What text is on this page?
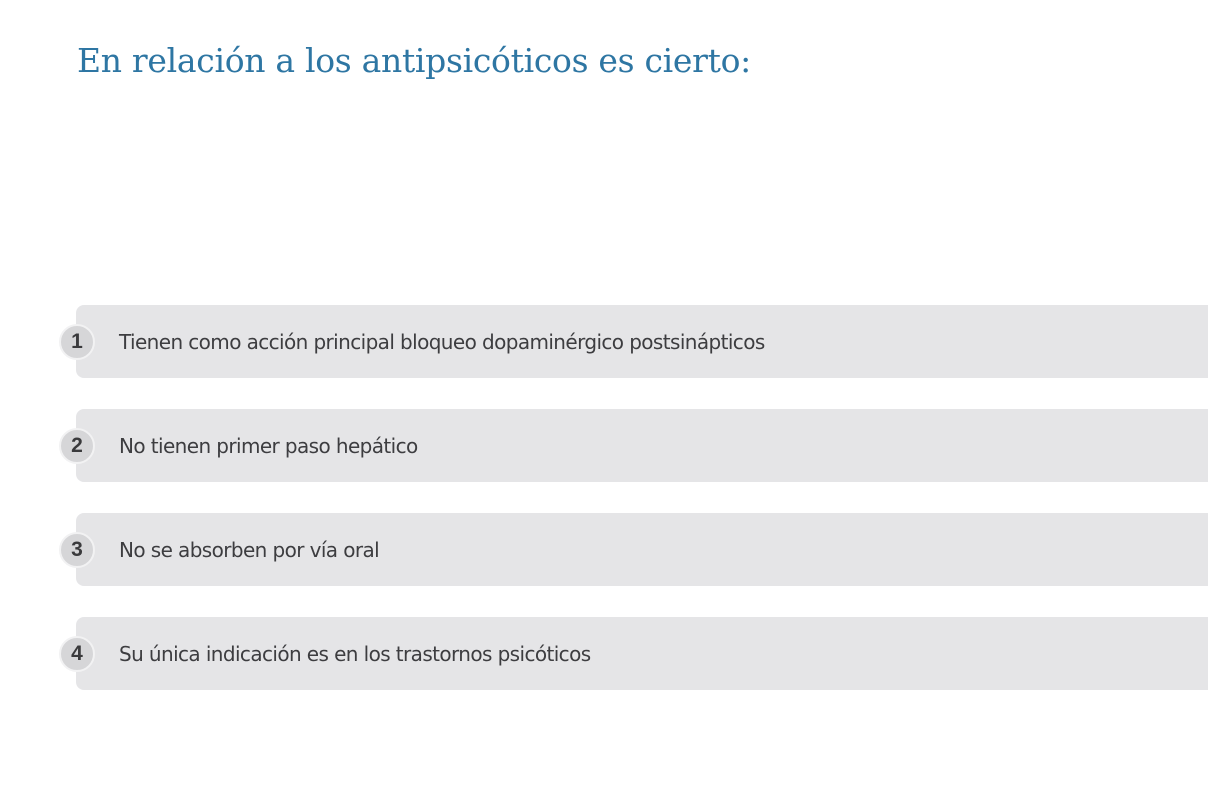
En relación a los antipsicóticos es cierto:
1	Tienen como acción principal bloqueo dopaminérgico postsinápticos
2	No tienen primer paso hepático
3	No se absorben por vía oral
4	Su única indicación es en los trastornos psicóticos
